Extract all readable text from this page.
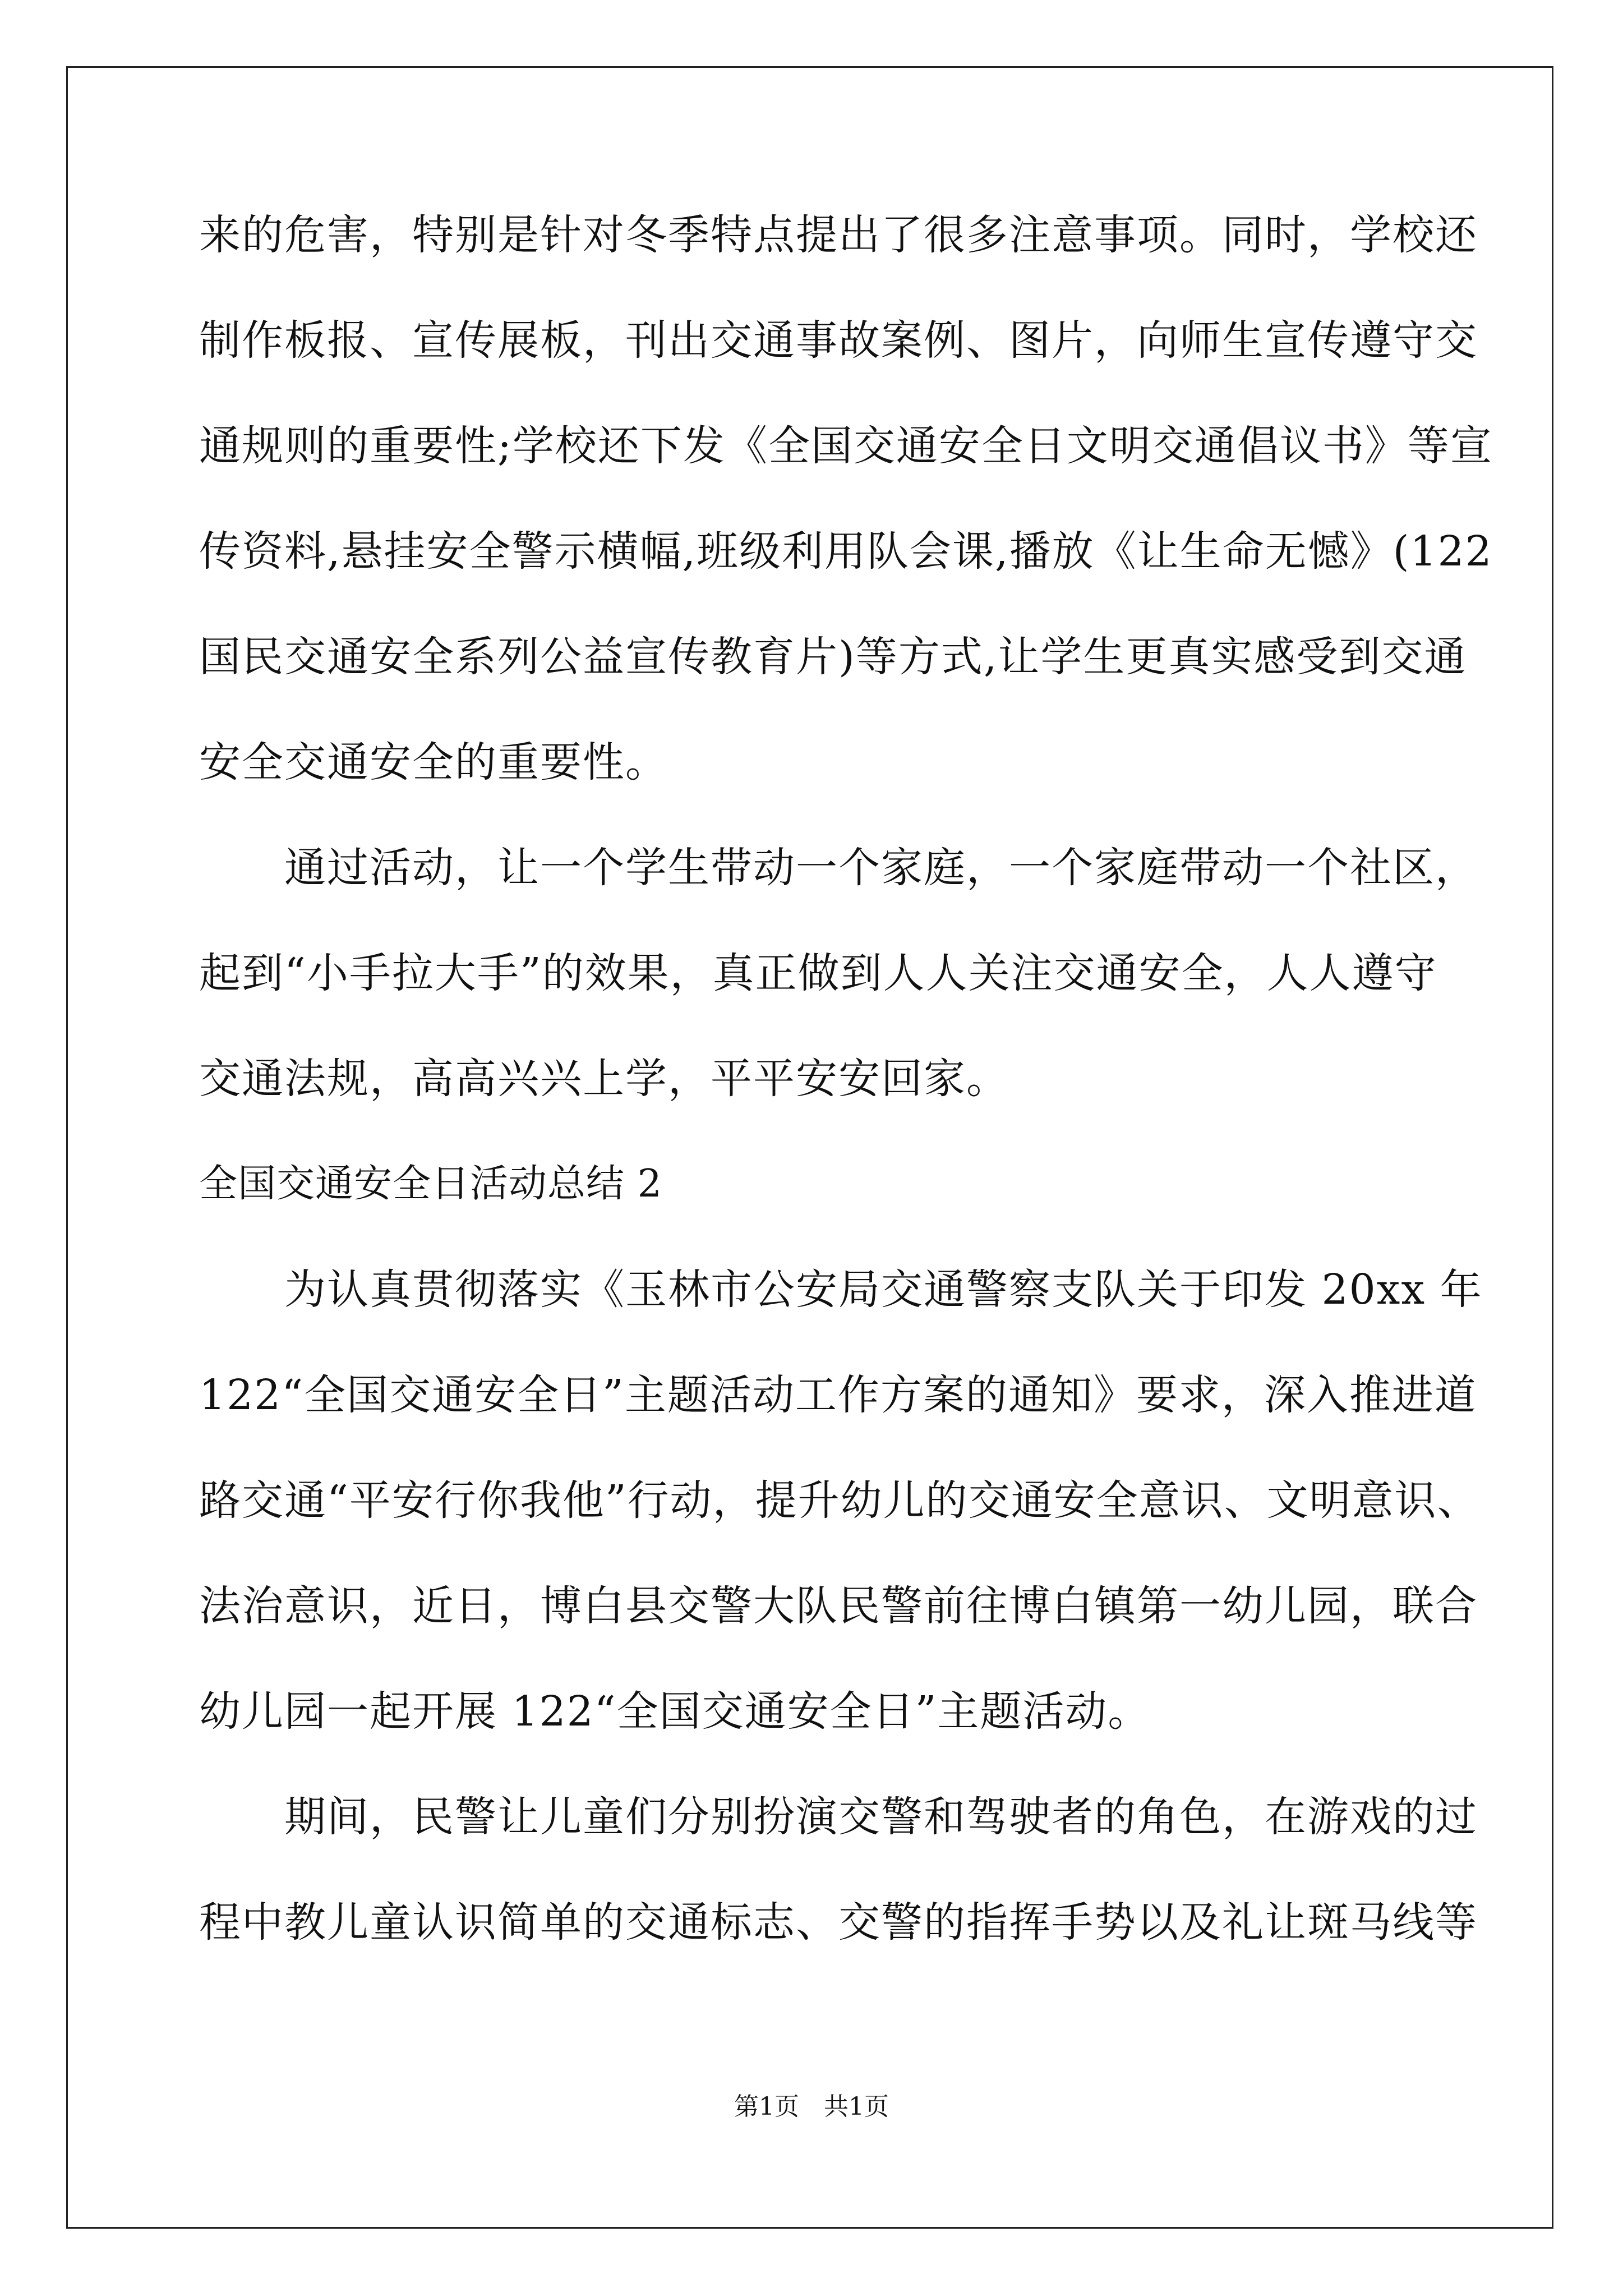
来的危害，特别是针对冬季特点提出了很多注意事项。同时，学校还
制作板报、宣传展板，刊出交通事故案例、图片，向师生宣传遵守交
通规则的重要性;学校还下发《全国交通安全日文明交通倡议书》等宣
传资料,悬挂安全警示横幅,班级利用队会课,播放《让生命无憾》(122
国民交通安全系列公益宣传教育片)等方式,让学生更真实感受到交通
安全交通安全的重要性。
　　通过活动，让一个学生带动一个家庭，一个家庭带动一个社区，
起到“小手拉大手”的效果，真正做到人人关注交通安全，人人遵守
交通法规，高高兴兴上学，平平安安回家。
全国交通安全日活动总结 2
　　为认真贯彻落实《玉林市公安局交通警察支队关于印发 20xx 年
122“全国交通安全日”主题活动工作方案的通知》要求，深入推进道
路交通“平安行你我他”行动，提升幼儿的交通安全意识、文明意识、
法治意识，近日，博白县交警大队民警前往博白镇第一幼儿园，联合
幼儿园一起开展 122“全国交通安全日”主题活动。
　　期间，民警让儿童们分别扮演交警和驾驶者的角色，在游戏的过
程中教儿童认识简单的交通标志、交警的指挥手势以及礼让斑马线等
第1页　共1页
